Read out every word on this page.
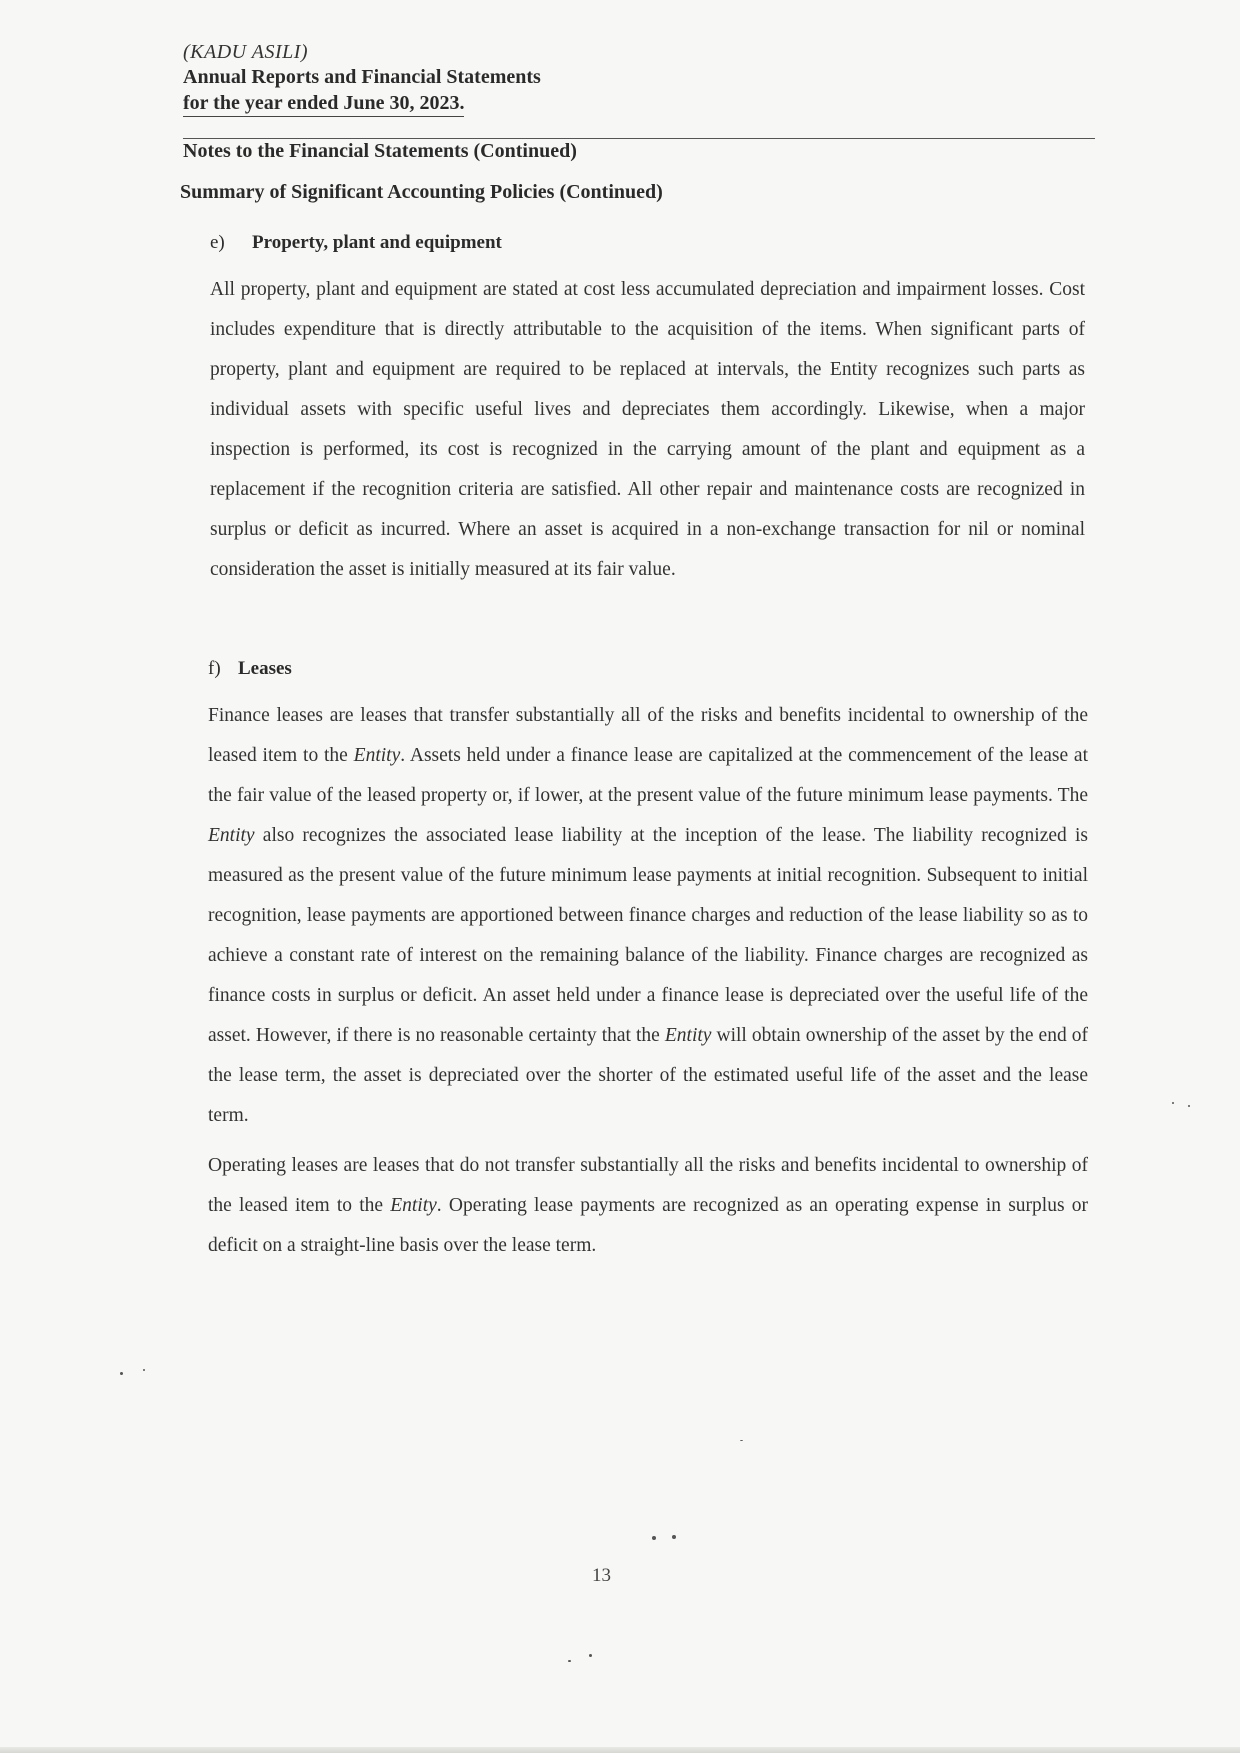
(KADU ASILI)
Annual Reports and Financial Statements
for the year ended June 30, 2023.
Notes to the Financial Statements (Continued)
Summary of Significant Accounting Policies (Continued)
e) Property, plant and equipment

All property, plant and equipment are stated at cost less accumulated depreciation and impairment losses. Cost includes expenditure that is directly attributable to the acquisition of the items. When significant parts of property, plant and equipment are required to be replaced at intervals, the Entity recognizes such parts as individual assets with specific useful lives and depreciates them accordingly. Likewise, when a major inspection is performed, its cost is recognized in the carrying amount of the plant and equipment as a replacement if the recognition criteria are satisfied. All other repair and maintenance costs are recognized in surplus or deficit as incurred. Where an asset is acquired in a non-exchange transaction for nil or nominal consideration the asset is initially measured at its fair value.

f) Leases

Finance leases are leases that transfer substantially all of the risks and benefits incidental to ownership of the leased item to the Entity. Assets held under a finance lease are capitalized at the commencement of the lease at the fair value of the leased property or, if lower, at the present value of the future minimum lease payments. The Entity also recognizes the associated lease liability at the inception of the lease. The liability recognized is measured as the present value of the future minimum lease payments at initial recognition. Subsequent to initial recognition, lease payments are apportioned between finance charges and reduction of the lease liability so as to achieve a constant rate of interest on the remaining balance of the liability. Finance charges are recognized as finance costs in surplus or deficit. An asset held under a finance lease is depreciated over the useful life of the asset. However, if there is no reasonable certainty that the Entity will obtain ownership of the asset by the end of the lease term, the asset is depreciated over the shorter of the estimated useful life of the asset and the lease term.

Operating leases are leases that do not transfer substantially all the risks and benefits incidental to ownership of the leased item to the Entity. Operating lease payments are recognized as an operating expense in surplus or deficit on a straight-line basis over the lease term.

13
